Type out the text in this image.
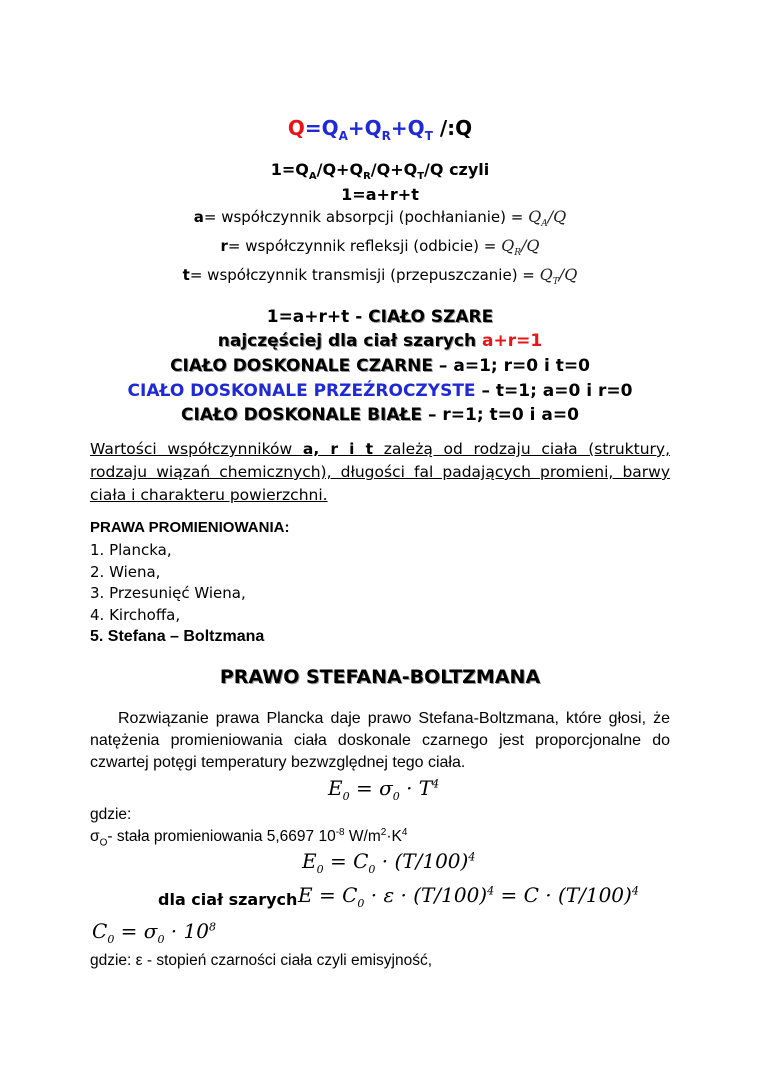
$Q=Q_A+Q_R+Q_T$ /:Q
$1=Q_A/Q+Q_R/Q+Q_T/Q$ czyli
1=a+r+t
a= współczynnik absorpcji (pochłanianie) = $Q_A/Q$
r= współczynnik refleksji (odbicie) = $Q_R/Q$
t= współczynnik transmisji (przepuszczanie) = $Q_T/Q$
1=a+r+t - CIAŁO SZARE
najczęściej dla ciał szarych a+r=1
CIAŁO DOSKONALE CZARNE – a=1; r=0 i t=0
CIAŁO DOSKONALE PRZEŹROCZYSTE – t=1; a=0 i r=0
CIAŁO DOSKONALE BIAŁE – r=1; t=0 i a=0
Wartości współczynników a, r i t zależą od rodzaju ciała (struktury, rodzaju wiązań chemicznych), długości fal padających promieni, barwy ciała i charakteru powierzchni.
PRAWA PROMIENIOWANIA:
1. Plancka,
2. Wiena,
3. Przesunięć Wiena,
4. Kirchoffa,
5. Stefana – Boltzmana
PRAWO STEFANA-BOLTZMANA
Rozwiązanie prawa Plancka daje prawo Stefana-Boltzmana, które głosi, że natężenia promieniowania ciała doskonale czarnego jest proporcjonalne do czwartej potęgi temperatury bezwzględnej tego ciała.
$E_0 = \sigma_0 \cdot T^4$
gdzie:
$\sigma_O-$ stała promieniowania 5,6697 $10^{-8}$ $W/m^2\cdot K^4$
$E_0 = C_0 \cdot (T/100)^4$
dla ciał szarych $E = C_0 \cdot \varepsilon \cdot (T/100)^4 = C \cdot (T/100)^4$
$C_0 = \sigma_0 \cdot 10^8$
gdzie: ε - stopień czarności ciała czyli emisyjność,
